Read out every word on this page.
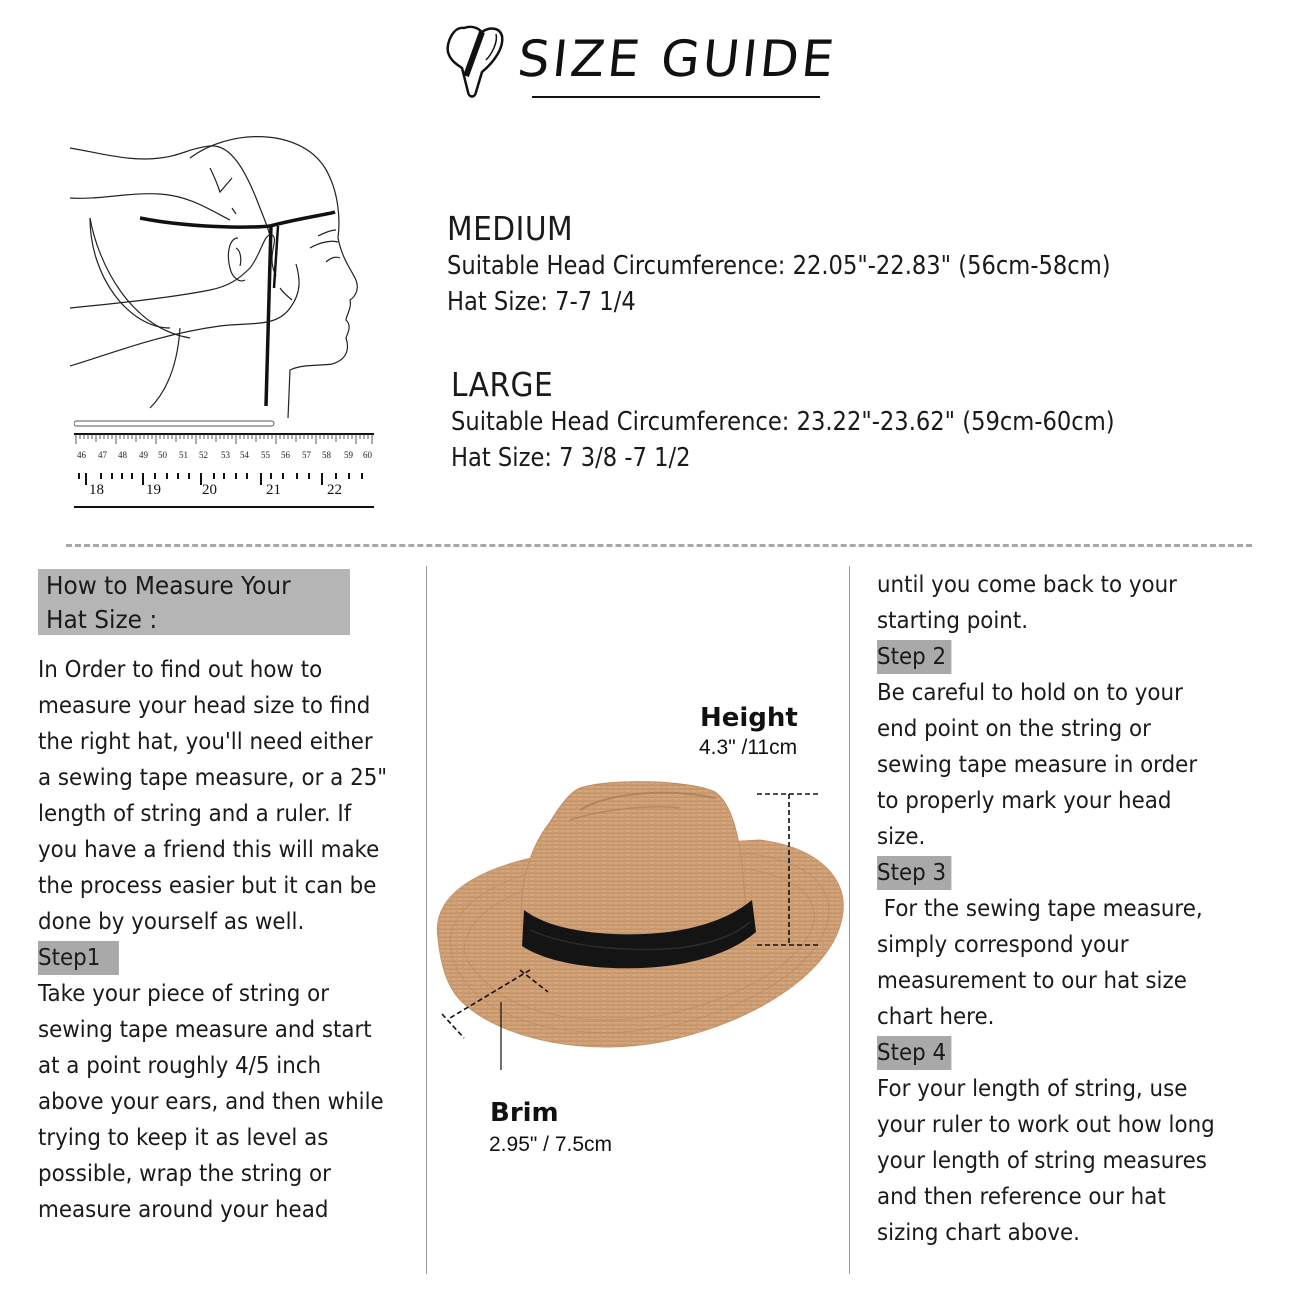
SIZE GUIDE
46 47 48 49 50 51 52 53 54 55 56 57 58 59 60
18	19	20	21	22
MEDIUM
Suitable Head Circumference: 22.05"-22.83" (56cm-58cm)
Hat Size: 7-7 1/4
LARGE
Suitable Head Circumference: 23.22"-23.62" (59cm-60cm)
Hat Size: 7 3/8 -7 1/2
How to Measure Your
Hat Size :

In Order to find out how to

measure your head size to find

the right hat, you'll need either

a sewing tape measure, or a 25"

length of string and a ruler. If

you have a friend this will make

the process easier but it can be

done by yourself as well.

Step1

Take your piece of string or

sewing tape measure and start

at a point roughly 4/5 inch

above your ears, and then while

trying to keep it as level as

possible, wrap the string or

measure around your head

until you come back to your

starting point.

Step 2

Be careful to hold on to your

end point on the string or

sewing tape measure in order

to properly mark your head

size.

Step 3

For the sewing tape measure,

simply correspond your

measurement to our hat size

chart here.

Step 4

For your length of string, use

your ruler to work out how long

your length of string measures

and then reference our hat

sizing chart above.

Height
4.3" /11cm
Brim
2.95" / 7.5cm
